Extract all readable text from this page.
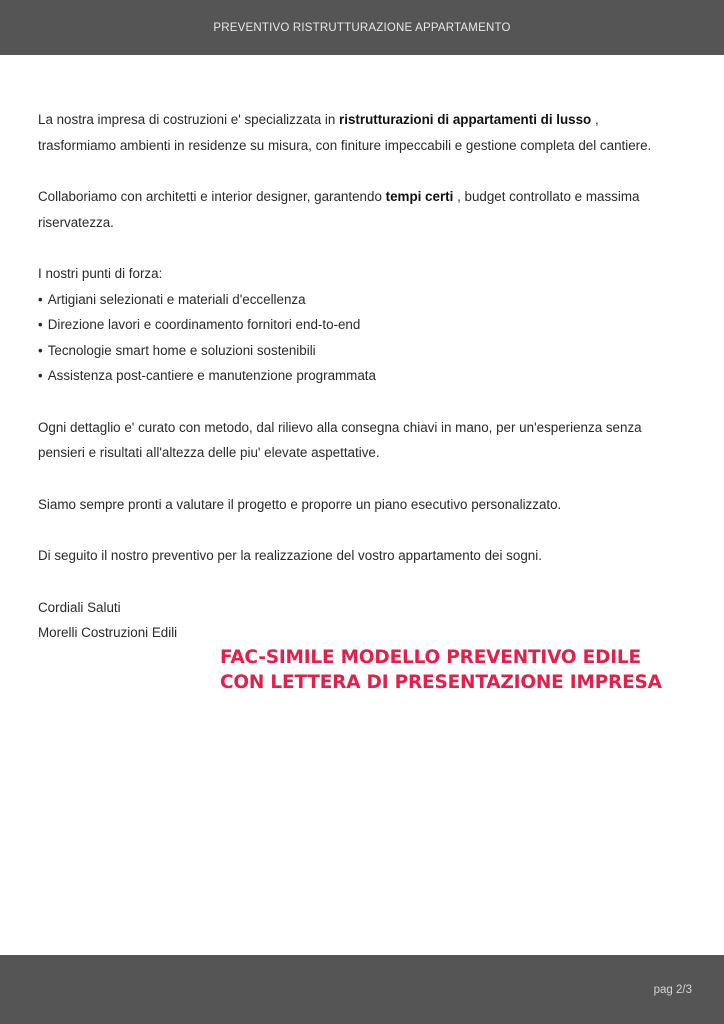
PREVENTIVO RISTRUTTURAZIONE APPARTAMENTO

La nostra impresa di costruzioni e' specializzata in ristrutturazioni di appartamenti di lusso , trasformiamo ambienti in residenze su misura, con finiture impeccabili e gestione completa del cantiere.

Collaboriamo con architetti e interior designer, garantendo tempi certi , budget controllato e massima riservatezza.

I nostri punti di forza:
• Artigiani selezionati e materiali d'eccellenza
• Direzione lavori e coordinamento fornitori end-to-end
• Tecnologie smart home e soluzioni sostenibili
• Assistenza post-cantiere e manutenzione programmata

Ogni dettaglio e' curato con metodo, dal rilievo alla consegna chiavi in mano, per un'esperienza senza pensieri e risultati all'altezza delle piu' elevate aspettative.

Siamo sempre pronti a valutare il progetto e proporre un piano esecutivo personalizzato.

Di seguito il nostro preventivo per la realizzazione del vostro appartamento dei sogni.

Cordiali Saluti
Morelli Costruzioni Edili
FAC-SIMILE MODELLO PREVENTIVO EDILE
CON LETTERA DI PRESENTAZIONE IMPRESA
pag 2/3
